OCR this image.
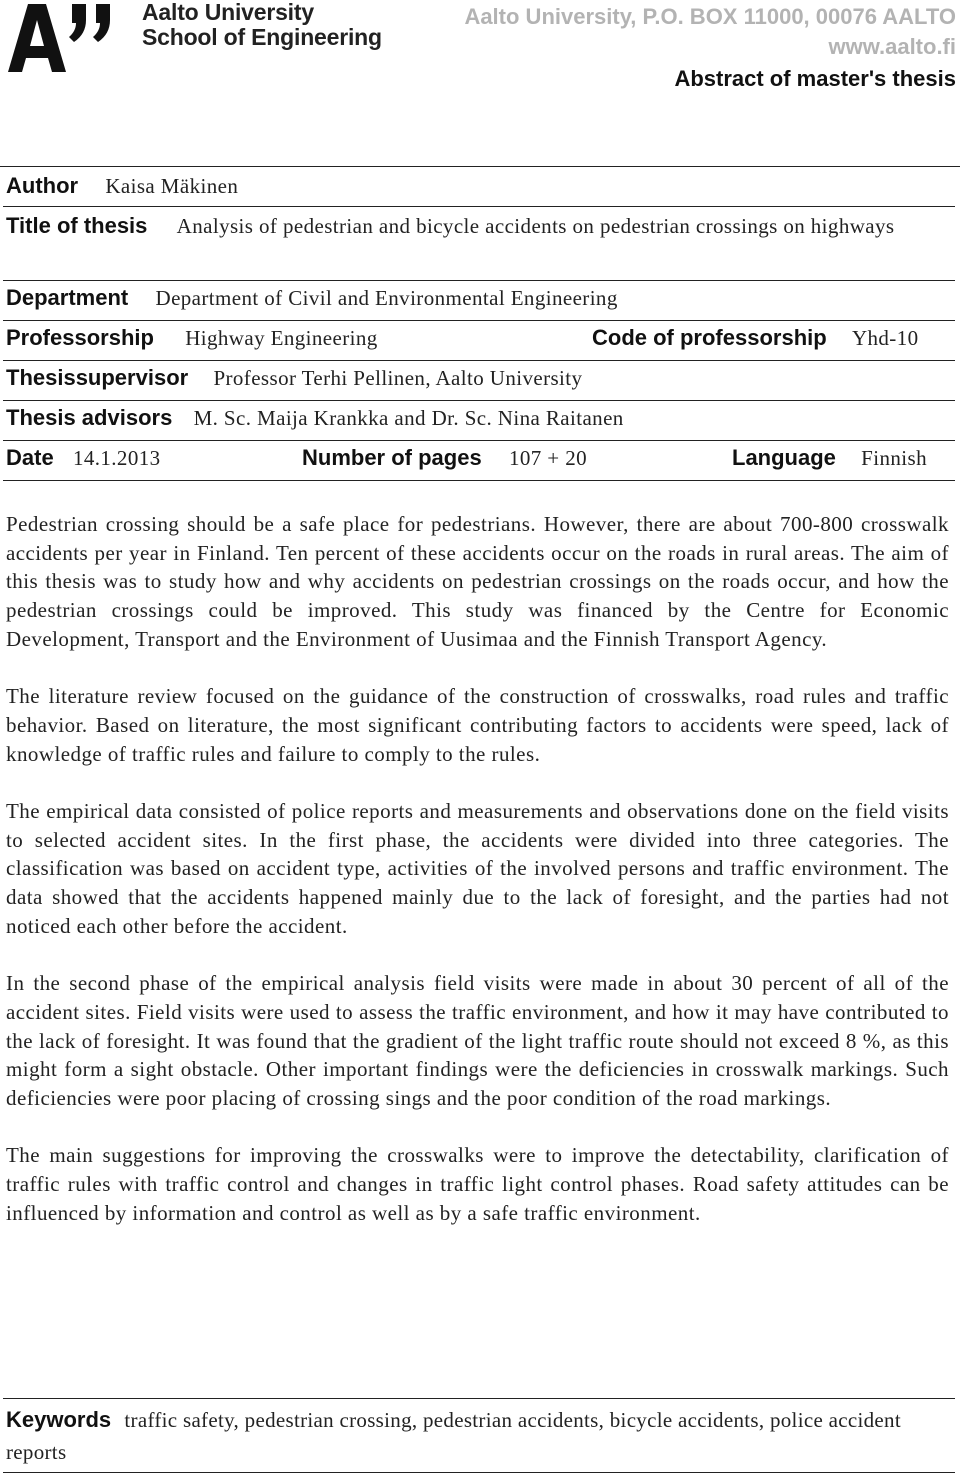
Aalto University
School of Engineering
Aalto University, P.O. BOX 11000, 00076 AALTO
www.aalto.fi
Abstract of master's thesis
Author Kaisa Mäkinen
Title of thesis Analysis of pedestrian and bicycle accidents on pedestrian crossings on highways
Department Department of Civil and Environmental Engineering
Professorship Highway Engineering	Code of professorship Yhd-10
Thesissupervisor Professor Terhi Pellinen, Aalto University
Thesis advisors M. Sc. Maija Krankka and Dr. Sc. Nina Raitanen
Date 14.1.2013	Number of pages 107 + 20	Language Finnish

Pedestrian crossing should be a safe place for pedestrians. However, there are about 700-800 crosswalk accidents per year in Finland. Ten percent of these accidents occur on the roads in rural areas. The aim of this thesis was to study how and why accidents on pedestrian crossings on the roads occur, and how the pedestrian crossings could be improved. This study was financed by the Centre for Economic Development, Transport and the Environment of Uusimaa and the Finnish Transport Agency.

The literature review focused on the guidance of the construction of crosswalks, road rules and traffic behavior. Based on literature, the most significant contributing factors to accidents were speed, lack of knowledge of traffic rules and failure to comply to the rules.

The empirical data consisted of police reports and measurements and observations done on the field visits to selected accident sites. In the first phase, the accidents were divided into three categories. The classification was based on accident type, activities of the involved persons and traffic environment. The data showed that the accidents happened mainly due to the lack of foresight, and the parties had not noticed each other before the accident.

In the second phase of the empirical analysis field visits were made in about 30 percent of all of the accident sites. Field visits were used to assess the traffic environment, and how it may have contributed to the lack of foresight. It was found that the gradient of the light traffic route should not exceed 8 %, as this might form a sight obstacle. Other important findings were the deficiencies in crosswalk markings. Such deficiencies were poor placing of crossing sings and the poor condition of the road markings.

The main suggestions for improving the crosswalks were to improve the detectability, clarification of traffic rules with traffic control and changes in traffic light control phases. Road safety attitudes can be influenced by information and control as well as by a safe traffic environment.

Keywords traffic safety, pedestrian crossing, pedestrian accidents, bicycle accidents, police accident reports
